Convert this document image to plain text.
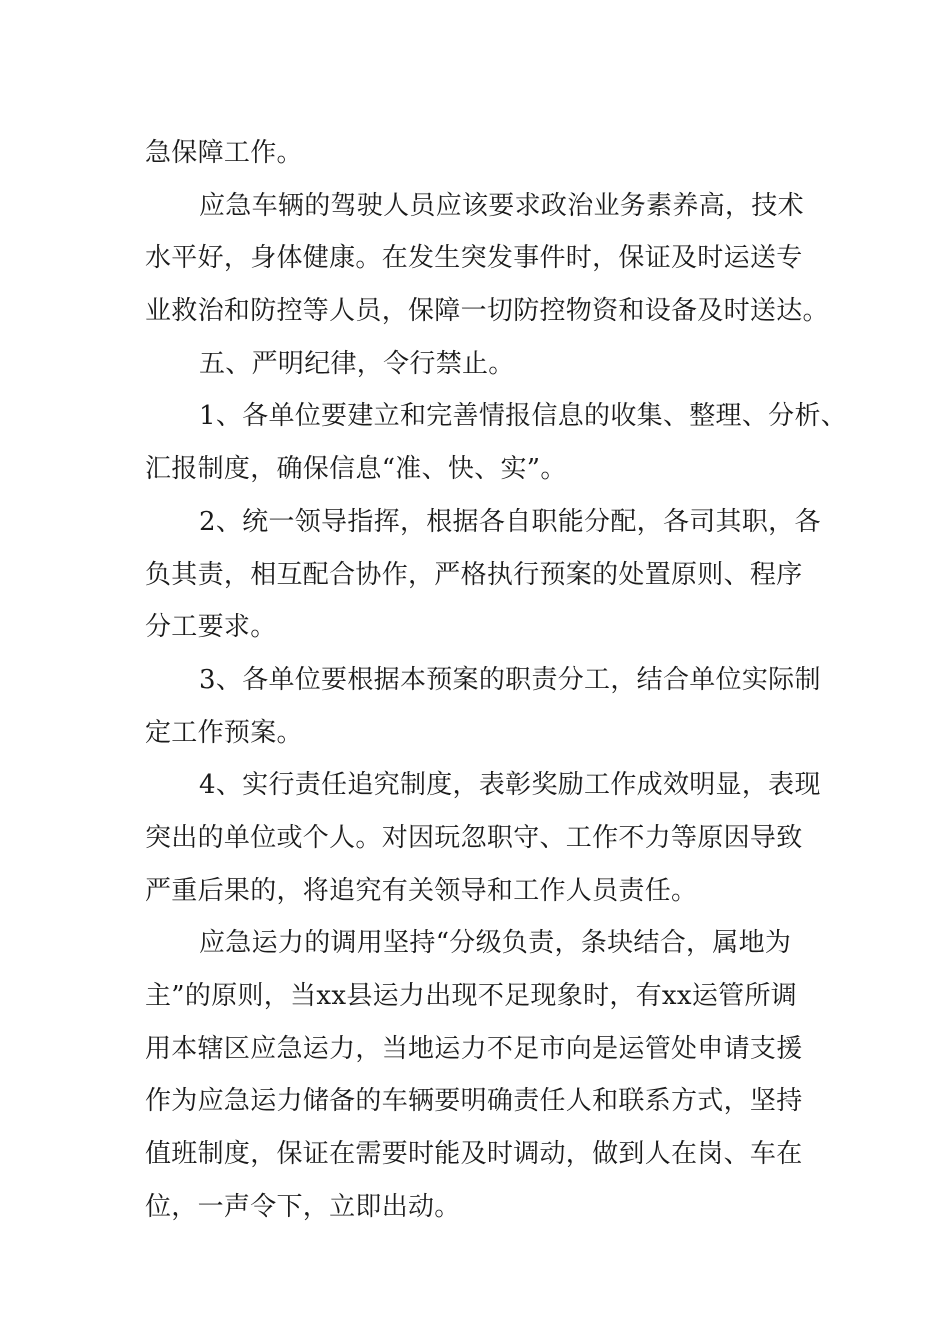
急保障工作。
应急车辆的驾驶人员应该要求政治业务素养高，技术
水平好，身体健康。在发生突发事件时，保证及时运送专
业救治和防控等人员，保障一切防控物资和设备及时送达。
五、严明纪律，令行禁止。
1、各单位要建立和完善情报信息的收集、整理、分析、
汇报制度，确保信息“准、快、实”。
2、统一领导指挥，根据各自职能分配，各司其职，各
负其责，相互配合协作，严格执行预案的处置原则、程序
分工要求。
3、各单位要根据本预案的职责分工，结合单位实际制
定工作预案。
4、实行责任追究制度，表彰奖励工作成效明显，表现
突出的单位或个人。对因玩忽职守、工作不力等原因导致
严重后果的，将追究有关领导和工作人员责任。
应急运力的调用坚持“分级负责，条块结合，属地为
主”的原则，当xx县运力出现不足现象时，有xx运管所调
用本辖区应急运力，当地运力不足市向是运管处申请支援
作为应急运力储备的车辆要明确责任人和联系方式，坚持
值班制度，保证在需要时能及时调动，做到人在岗、车在
位，一声令下，立即出动。
